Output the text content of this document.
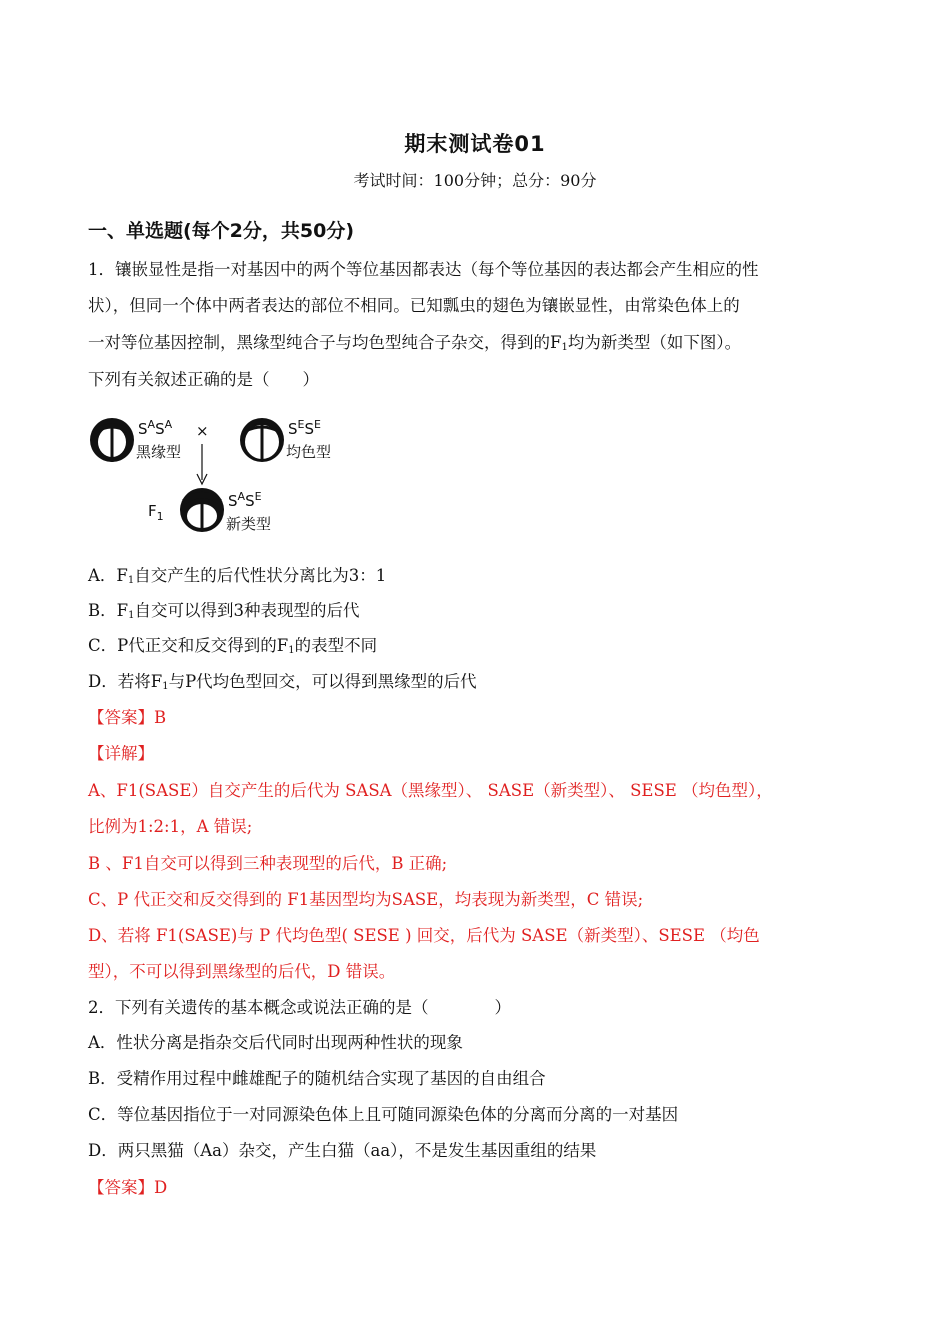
期末测试卷01
考试时间：100分钟；总分：90分
一、单选题(每个2分，共50分)
1．镶嵌显性是指一对基因中的两个等位基因都表达（每个等位基因的表达都会产生相应的性
状），但同一个体中两者表达的部位不相同。已知瓢虫的翅色为镶嵌显性，由常染色体上的
一对等位基因控制，黑缘型纯合子与均色型纯合子杂交，得到的$F_1$均为新类型（如下图）。
下列有关叙述正确的是（　　）
$S^AS^A$
黑缘型
×	$S^ES^E$
均色型
$F_1$
$S^AS^E$
新类型
A．$F_1$自交产生的后代性状分离比为3：1
B．$F_1$自交可以得到3种表现型的后代
C．P代正交和反交得到的$F_1$的表型不同
D．若将$F_1$与P代均色型回交，可以得到黑缘型的后代
【答案】B
【详解】
A、F1(SASE）自交产生的后代为 SASA（黑缘型）、 SASE（新类型）、 SESE （均色型），
比例为1:2:1，A 错误;
B 、F1自交可以得到三种表现型的后代，B 正确;
C、P 代正交和反交得到的 F1基因型均为SASE，均表现为新类型，C 错误;
D、若将 F1(SASE)与 P 代均色型( SESE ) 回交，后代为 SASE（新类型）、SESE （均色
型），不可以得到黑缘型的后代，D 错误。
2．下列有关遗传的基本概念或说法正确的是（　　　　）
A．性状分离是指杂交后代同时出现两种性状的现象
B．受精作用过程中雌雄配子的随机结合实现了基因的自由组合
C．等位基因指位于一对同源染色体上且可随同源染色体的分离而分离的一对基因
D．两只黑猫（Aa）杂交，产生白猫（aa），不是发生基因重组的结果
【答案】D
